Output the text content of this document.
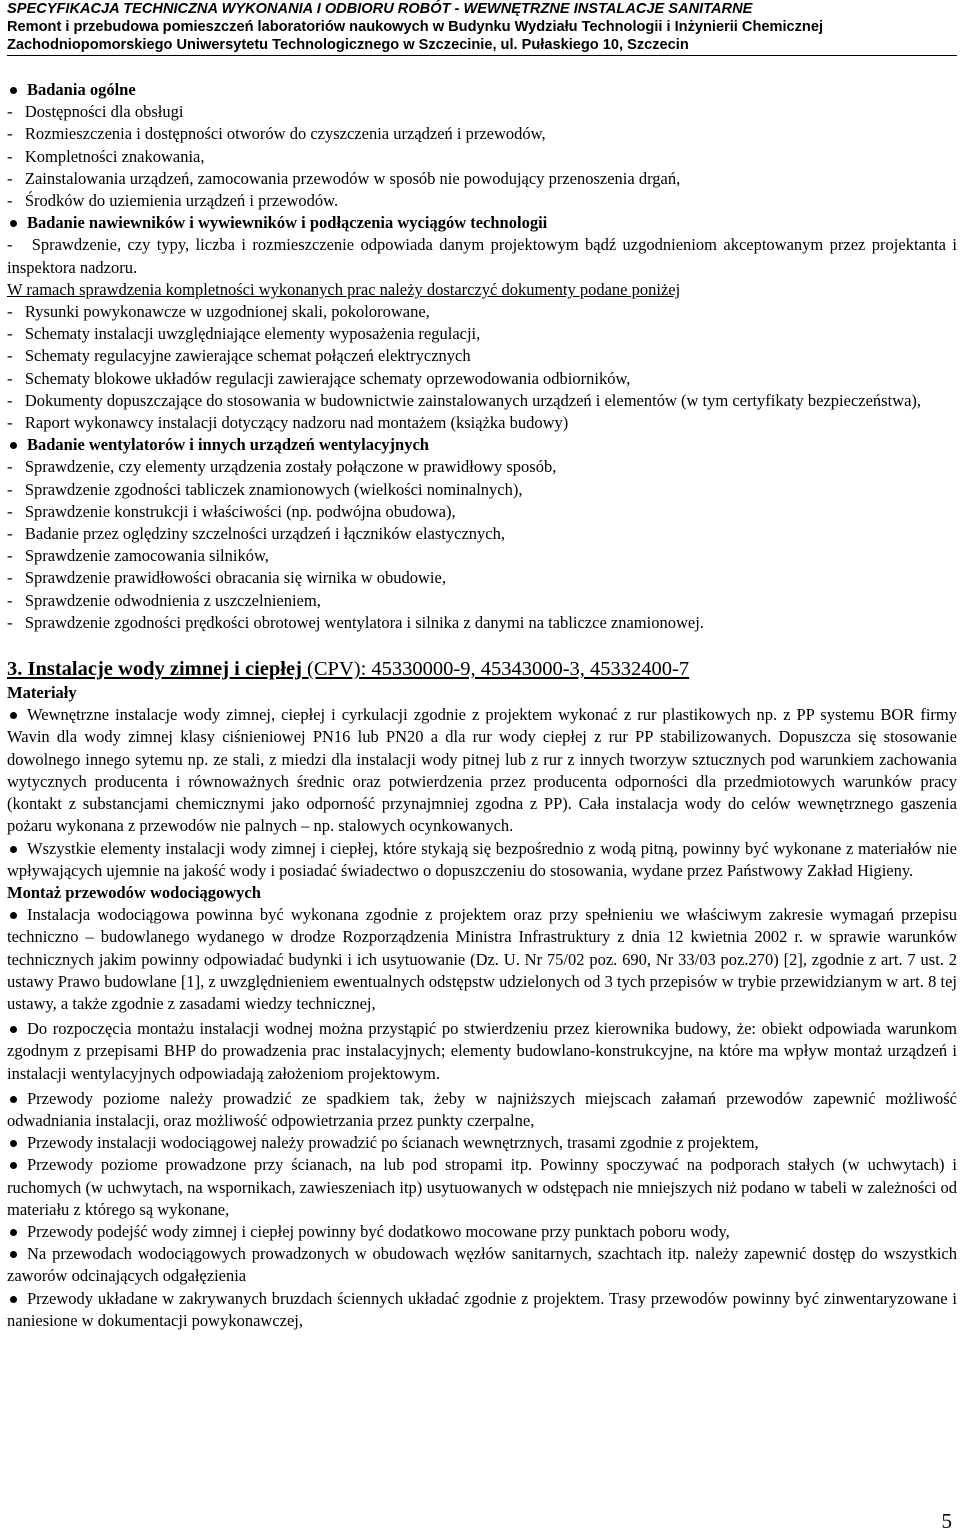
SPECYFIKACJA TECHNICZNA WYKONANIA I ODBIORU ROBÓT - WEWNĘTRZNE INSTALACJE SANITARNE
Remont i przebudowa pomieszczeń laboratoriów naukowych w Budynku Wydziału Technologii i Inżynierii Chemicznej
Zachodniopomorskiego Uniwersytetu Technologicznego w Szczecinie, ul. Pułaskiego 10, Szczecin

Badania ogólne

-   Dostępności dla obsługi

-   Rozmieszczenia i dostępności otworów do czyszczenia urządzeń i przewodów,

-   Kompletności znakowania,

-   Zainstalowania urządzeń, zamocowania przewodów w sposób nie powodujący przenoszenia drgań,

-   Środków do uziemienia urządzeń i przewodów.

Badanie nawiewników i wywiewników i podłączenia wyciągów technologii

-   Sprawdzenie, czy typy, liczba i rozmieszczenie odpowiada danym projektowym bądź uzgodnieniom akceptowanym przez projektanta i inspektora nadzoru.

W ramach sprawdzenia kompletności wykonanych prac należy dostarczyć dokumenty podane poniżej

-   Rysunki powykonawcze w uzgodnionej skali, pokolorowane,

-   Schematy instalacji uwzględniające elementy wyposażenia regulacji,

-   Schematy regulacyjne zawierające schemat połączeń elektrycznych

-   Schematy blokowe układów regulacji zawierające schematy oprzewodowania odbiorników,

-   Dokumenty dopuszczające do stosowania w budownictwie zainstalowanych urządzeń i elementów (w tym certyfikaty bezpieczeństwa),

-   Raport wykonawcy instalacji dotyczący nadzoru nad montażem (książka budowy)

Badanie wentylatorów i innych urządzeń wentylacyjnych

-   Sprawdzenie, czy elementy urządzenia zostały połączone w prawidłowy sposób,

-   Sprawdzenie zgodności tabliczek znamionowych (wielkości nominalnych),

-   Sprawdzenie konstrukcji i właściwości (np. podwójna obudowa),

-   Badanie przez oględziny szczelności urządzeń i łączników elastycznych,

-   Sprawdzenie zamocowania silników,

-   Sprawdzenie prawidłowości obracania się wirnika w obudowie,

-   Sprawdzenie odwodnienia z uszczelnieniem,

-   Sprawdzenie zgodności prędkości obrotowej wentylatora i silnika z danymi na tabliczce znamionowej.

3. Instalacje wody zimnej i ciepłej (CPV): 45330000-9, 45343000-3, 45332400-7

Materiały

Wewnętrzne instalacje wody zimnej, ciepłej i cyrkulacji zgodnie z projektem wykonać z rur plastikowych np. z PP systemu BOR firmy Wavin dla wody zimnej klasy ciśnieniowej PN16 lub PN20 a dla rur wody ciepłej z rur PP stabilizowanych. Dopuszcza się stosowanie dowolnego innego sytemu np. ze stali, z miedzi dla instalacji wody pitnej lub z rur z innych tworzyw sztucznych pod warunkiem zachowania wytycznych producenta i równoważnych średnic oraz potwierdzenia przez producenta odporności dla przedmiotowych warunków pracy (kontakt z substancjami chemicznymi jako odporność przynajmniej zgodna z PP). Cała instalacja wody do celów wewnętrznego gaszenia pożaru wykonana z przewodów nie palnych – np. stalowych ocynkowanych.

Wszystkie elementy instalacji wody zimnej i ciepłej, które stykają się bezpośrednio z wodą pitną, powinny być wykonane z materiałów nie wpływających ujemnie na jakość wody i posiadać świadectwo o dopuszczeniu do stosowania, wydane przez Państwowy Zakład Higieny.

Montaż przewodów wodociągowych

Instalacja wodociągowa powinna być wykonana zgodnie z projektem oraz przy spełnieniu we właściwym zakresie wymagań przepisu techniczno – budowlanego wydanego w drodze Rozporządzenia Ministra Infrastruktury z dnia 12 kwietnia 2002 r. w sprawie warunków technicznych jakim powinny odpowiadać budynki i ich usytuowanie (Dz. U. Nr 75/02 poz. 690, Nr 33/03 poz.270) [2], zgodnie z art. 7 ust. 2 ustawy Prawo budowlane [1], z uwzględnieniem ewentualnych odstępstw udzielonych od 3 tych przepisów w trybie przewidzianym w art. 8 tej ustawy, a także zgodnie z zasadami wiedzy technicznej,

Do rozpoczęcia montażu instalacji wodnej można przystąpić po stwierdzeniu przez kierownika budowy, że: obiekt odpowiada warunkom zgodnym z przepisami BHP do prowadzenia prac instalacyjnych; elementy budowlano-konstrukcyjne, na które ma wpływ montaż urządzeń i instalacji wentylacyjnych odpowiadają założeniom projektowym.

Przewody poziome należy prowadzić ze spadkiem tak, żeby w najniższych miejscach załamań przewodów zapewnić możliwość odwadniania instalacji, oraz możliwość odpowietrzania przez punkty czerpalne,

Przewody instalacji wodociągowej należy prowadzić po ścianach wewnętrznych, trasami zgodnie z projektem,

Przewody poziome prowadzone przy ścianach, na lub pod stropami itp. Powinny spoczywać na podporach stałych (w uchwytach) i ruchomych (w uchwytach, na wspornikach, zawieszeniach itp) usytuowanych w odstępach nie mniejszych niż podano w tabeli w zależności od materiału z którego są wykonane,

Przewody podejść wody zimnej i ciepłej powinny być dodatkowo mocowane przy punktach poboru wody,

Na przewodach wodociągowych prowadzonych w obudowach węzłów sanitarnych, szachtach itp. należy zapewnić dostęp do wszystkich zaworów odcinających odgałęzienia

Przewody układane w zakrywanych bruzdach ściennych układać zgodnie z projektem. Trasy przewodów powinny być zinwentaryzowane i naniesione w dokumentacji powykonawczej,

5
